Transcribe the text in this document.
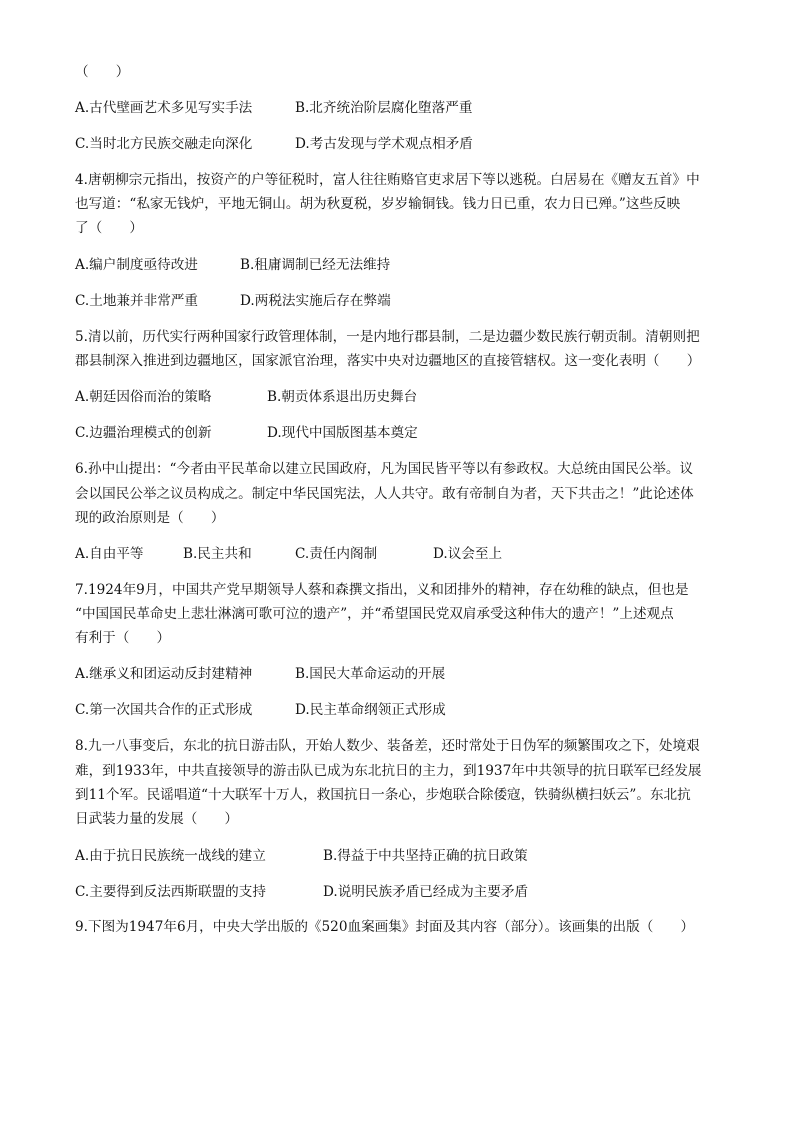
（　　）
A.古代壁画艺术多见写实手法	B.北齐统治阶层腐化堕落严重
C.当时北方民族交融走向深化	D.考古发现与学术观点相矛盾
4.唐朝柳宗元指出，按资产的户等征税时，富人往往贿赂官吏求居下等以逃税。白居易在《赠友五首》中
也写道：“私家无钱炉，平地无铜山。胡为秋夏税，岁岁输铜钱。钱力日已重，农力日已殚。”这些反映
了（　　）
A.编户制度亟待改进	B.租庸调制已经无法维持
C.土地兼并非常严重	D.两税法实施后存在弊端
5.清以前，历代实行两种国家行政管理体制，一是内地行郡县制，二是边疆少数民族行朝贡制。清朝则把
郡县制深入推进到边疆地区，国家派官治理，落实中央对边疆地区的直接管辖权。这一变化表明（　　）
A.朝廷因俗而治的策略	B.朝贡体系退出历史舞台
C.边疆治理模式的创新	D.现代中国版图基本奠定
6.孙中山提出：“今者由平民革命以建立民国政府，凡为国民皆平等以有参政权。大总统由国民公举。议
会以国民公举之议员构成之。制定中华民国宪法，人人共守。敢有帝制自为者，天下共击之！”此论述体
现的政治原则是（　　）
A.自由平等	B.民主共和	C.责任内阁制	D.议会至上
7.1924年9月，中国共产党早期领导人蔡和森撰文指出，义和团排外的精神，存在幼稚的缺点，但也是
“中国国民革命史上悲壮淋漓可歌可泣的遗产”，并“希望国民党双肩承受这种伟大的遗产！”上述观点
有利于（　　）
A.继承义和团运动反封建精神	B.国民大革命运动的开展
C.第一次国共合作的正式形成	D.民主革命纲领正式形成
8.九一八事变后，东北的抗日游击队，开始人数少、装备差，还时常处于日伪军的频繁围攻之下，处境艰
难，到1933年，中共直接领导的游击队已成为东北抗日的主力，到1937年中共领导的抗日联军已经发展
到11个军。民谣唱道“十大联军十万人，救国抗日一条心，步炮联合除倭寇，铁骑纵横扫妖云”。东北抗
日武装力量的发展（　　）
A.由于抗日民族统一战线的建立	B.得益于中共坚持正确的抗日政策
C.主要得到反法西斯联盟的支持	D.说明民族矛盾已经成为主要矛盾
9.下图为1947年6月，中央大学出版的《520血案画集》封面及其内容（部分）。该画集的出版（　　）
